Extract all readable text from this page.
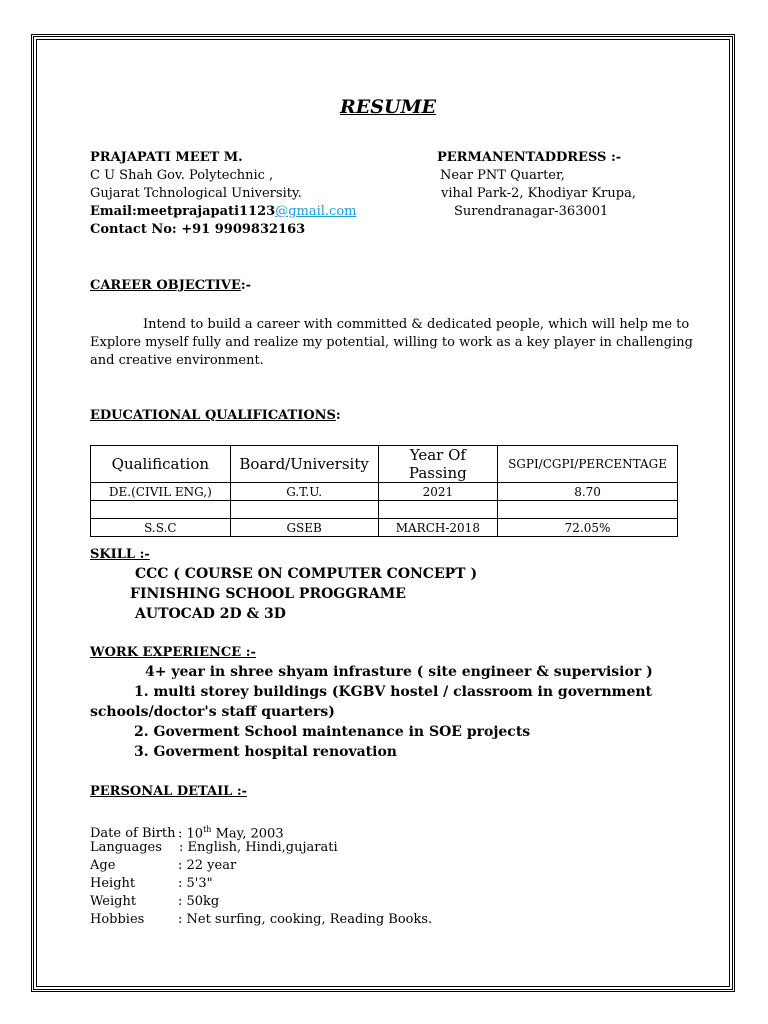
RESUME
PRAJAPATI MEET M.
C U Shah Gov. Polytechnic ,
Gujarat Tchnological University.
Email:meetprajapati1123@gmail.com
Contact No: +91 9909832163
PERMANENTADDRESS :-
Near PNT Quarter,
vihal Park-2, Khodiyar Krupa,
Surendranagar-363001
CAREER OBJECTIVE:-
Intend to build a career with committed & dedicated people, which will help me to
Explore myself fully and realize my potential, willing to work as a key player in challenging
and creative environment.
EDUCATIONAL QUALIFICATIONS:
Qualification	Board/University	Year Of Passing	SGPI/CGPI/PERCENTAGE
DE.(CIVIL ENG,)	G.T.U.	2021	8.70

S.S.C	GSEB	MARCH-2018	72.05%
SKILL :-
CCC ( COURSE ON COMPUTER CONCEPT )
FINISHING SCHOOL PROGGRAME
AUTOCAD 2D & 3D
WORK EXPERIENCE :-
4+ year in shree shyam infrasture ( site engineer & supervisior )
1. multi storey buildings (KGBV hostel / classroom in government
schools/doctor's staff quarters)
2. Goverment School maintenance in SOE projects
3. Goverment hospital renovation
PERSONAL DETAIL :-
Date of Birth : 10th May, 2003
Languages : English, Hindi,gujarati
Age	: 22 year
Height	: 5'3"
Weight	: 50kg
Hobbies	: Net surfing, cooking, Reading Books.
